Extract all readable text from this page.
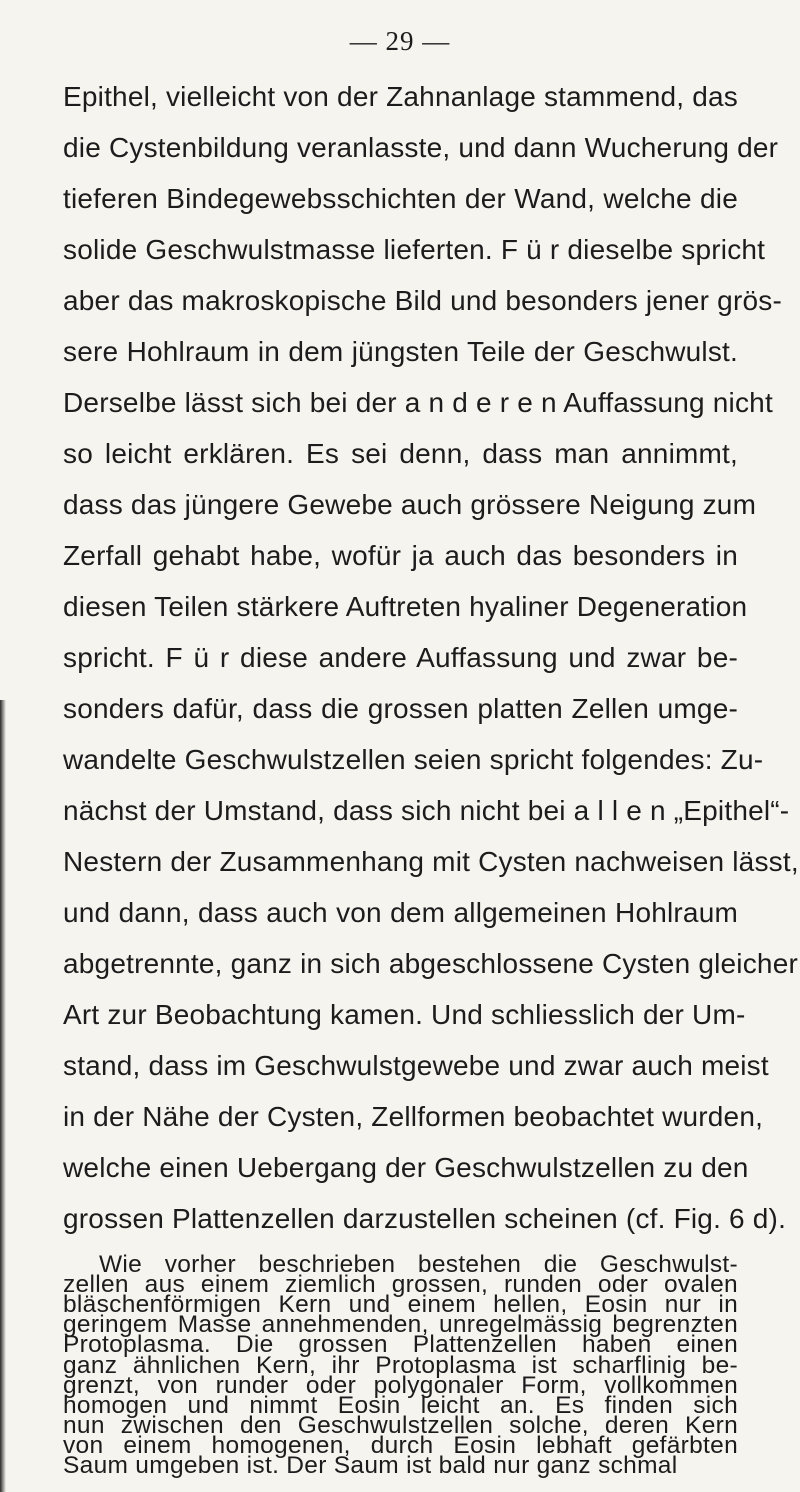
— 29 —
Epithel, vielleicht von der Zahnanlage stammend, das
die Cystenbildung veranlasste, und dann Wucherung der
tieferen Bindegewebsschichten der Wand, welche die
solide Geschwulstmasse lieferten. F ü r dieselbe spricht
aber das makroskopische Bild und besonders jener grös-
sere Hohlraum in dem jüngsten Teile der Geschwulst.
Derselbe lässt sich bei der a n d e r e n Auffassung nicht
so leicht erklären. Es sei denn, dass man annimmt,
dass das jüngere Gewebe auch grössere Neigung zum
Zerfall gehabt habe, wofür ja auch das besonders in
diesen Teilen stärkere Auftreten hyaliner Degeneration
spricht. F ü r diese andere Auffassung und zwar be-
sonders dafür, dass die grossen platten Zellen umge-
wandelte Geschwulstzellen seien spricht folgendes: Zu-
nächst der Umstand, dass sich nicht bei a l l e n „Epithel“-
Nestern der Zusammenhang mit Cysten nachweisen lässt,
und dann, dass auch von dem allgemeinen Hohlraum
abgetrennte, ganz in sich abgeschlossene Cysten gleicher
Art zur Beobachtung kamen. Und schliesslich der Um-
stand, dass im Geschwulstgewebe und zwar auch meist
in der Nähe der Cysten, Zellformen beobachtet wurden,
welche einen Uebergang der Geschwulstzellen zu den
grossen Plattenzellen darzustellen scheinen (cf. Fig. 6 d).
Wie vorher beschrieben bestehen die Geschwulst-
zellen aus einem ziemlich grossen, runden oder ovalen
bläschenförmigen Kern und einem hellen, Eosin nur in
geringem Masse annehmenden, unregelmässig begrenzten
Protoplasma. Die grossen Plattenzellen haben einen
ganz ähnlichen Kern, ihr Protoplasma ist scharflinig be-
grenzt, von runder oder polygonaler Form, vollkommen
homogen und nimmt Eosin leicht an. Es finden sich
nun zwischen den Geschwulstzellen solche, deren Kern
von einem homogenen, durch Eosin lebhaft gefärbten
Saum umgeben ist. Der Saum ist bald nur ganz schmal
